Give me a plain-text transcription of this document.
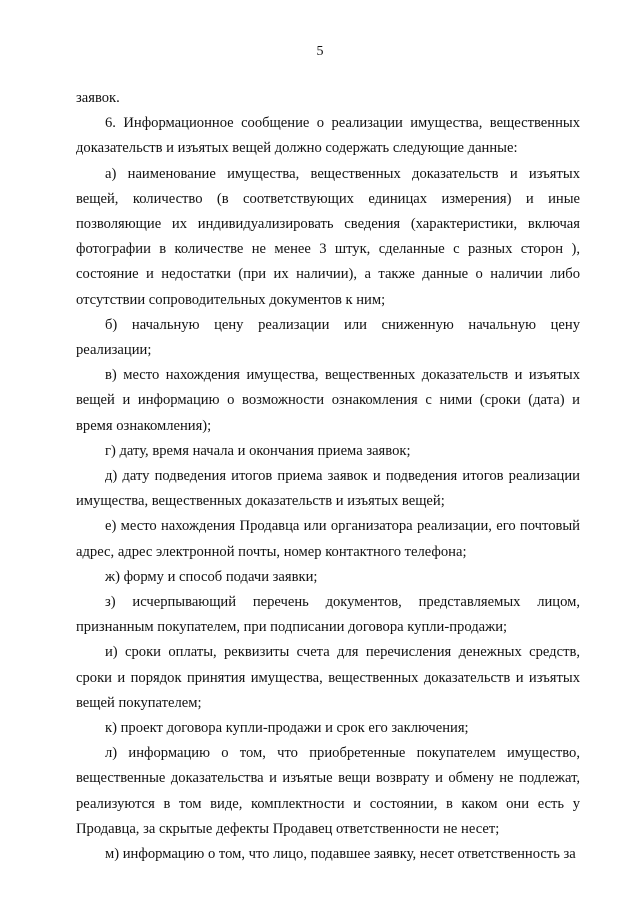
5

заявок.

6. Информационное сообщение о реализации имущества, вещественных доказательств и изъятых вещей должно содержать следующие данные:

а) наименование имущества, вещественных доказательств и изъятых вещей, количество (в соответствующих единицах измерения) и иные позволяющие их индивидуализировать сведения (характеристики, включая фотографии в количестве не менее 3 штук, сделанные с разных сторон ), состояние и недостатки (при их наличии), а также данные о наличии либо отсутствии сопроводительных документов к ним;

б) начальную цену реализации или сниженную начальную цену реализации;

в) место нахождения имущества, вещественных доказательств и изъятых вещей и информацию о возможности ознакомления с ними (сроки (дата) и время ознакомления);

г) дату, время начала и окончания приема заявок;

д) дату подведения итогов приема заявок и подведения итогов реализации имущества, вещественных доказательств и изъятых вещей;

е) место нахождения Продавца или организатора реализации, его почтовый адрес, адрес электронной почты, номер контактного телефона;

ж) форму и способ подачи заявки;

з) исчерпывающий перечень документов, представляемых лицом, признанным покупателем, при подписании договора купли-продажи;

и) сроки оплаты, реквизиты счета для перечисления денежных средств, сроки и порядок принятия имущества, вещественных доказательств и изъятых вещей покупателем;

к) проект договора купли-продажи и срок его заключения;

л) информацию о том, что приобретенные покупателем имущество, вещественные доказательства и изъятые вещи возврату и обмену не подлежат, реализуются в том виде, комплектности и состоянии, в каком они есть у Продавца, за скрытые дефекты Продавец ответственности не несет;

м) информацию о том, что лицо, подавшее заявку, несет ответственность за
